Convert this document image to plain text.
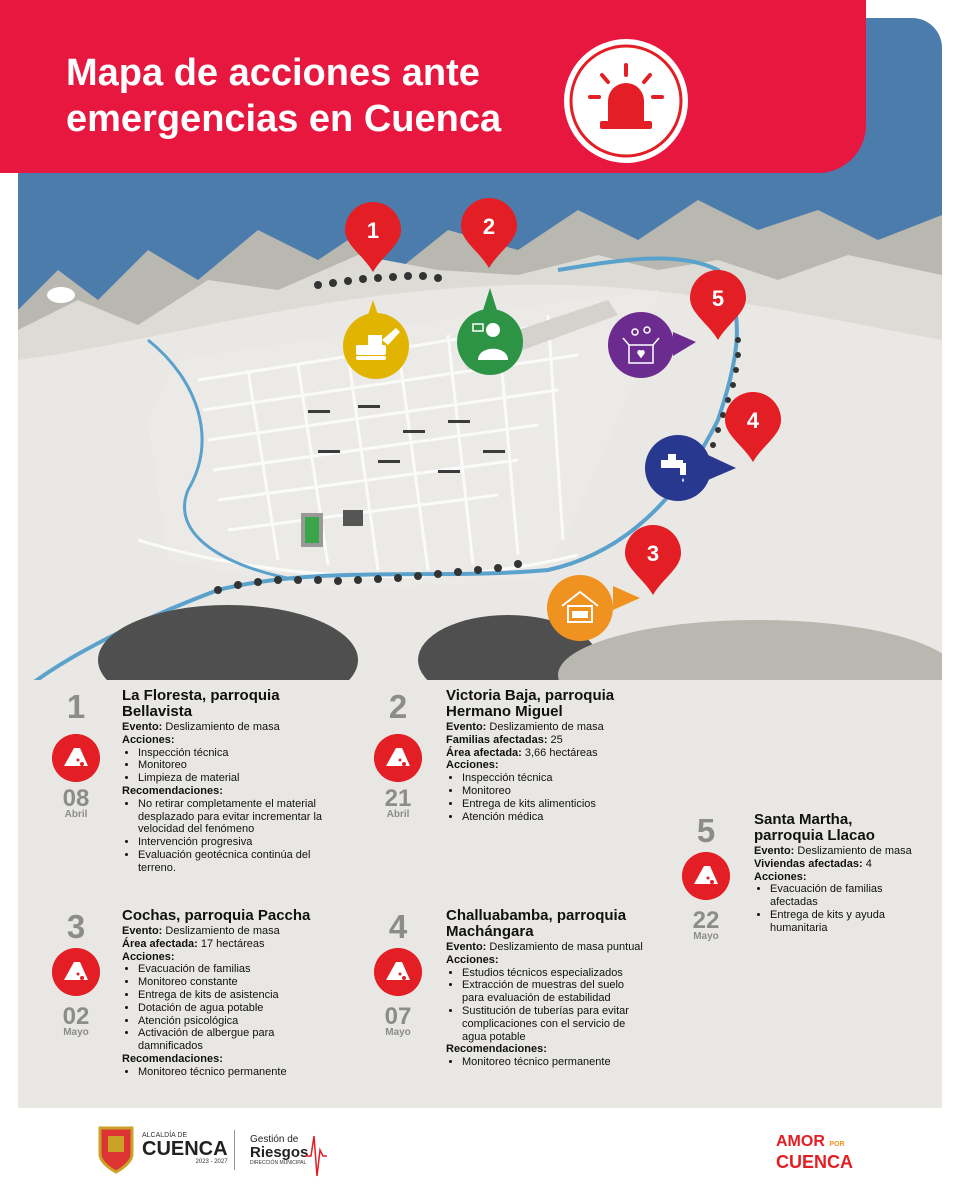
1	2
5
4
3
Mapa de acciones ante
emergencias en Cuenca
1
08
Abril
La Floresta, parroquia Bellavista
Evento: Deslizamiento de masa
Acciones:
• Inspección técnica
• Monitoreo
• Limpieza de material
Recomendaciones:
• No retirar completamente el material desplazado para evitar incrementar la velocidad del fenómeno
• Intervención progresiva
• Evaluación geotécnica continúa del terreno.
2
21
Abril
Victoria Baja, parroquia Hermano Miguel
Evento: Deslizamiento de masa
Familias afectadas: 25
Área afectada: 3,66 hectáreas
Acciones:
• Inspección técnica
• Monitoreo
• Entrega de kits alimenticios
• Atención médica
3
02
Mayo
Cochas, parroquia Paccha
Evento: Deslizamiento de masa
Área afectada: 17 hectáreas
Acciones:
• Evacuación de familias
• Monitoreo constante
• Entrega de kits de asistencia
• Dotación de agua potable
• Atención psicológica
• Activación de albergue para damnificados
Recomendaciones:
• Monitoreo técnico permanente
4
07
Mayo
Challuabamba, parroquia Machángara
Evento: Deslizamiento de masa puntual
Acciones:
• Estudios técnicos especializados
• Extracción de muestras del suelo para evaluación de estabilidad
• Sustitución de tuberías para evitar complicaciones con el servicio de agua potable
Recomendaciones:
• Monitoreo técnico permanente
5
22
Mayo
Santa Martha, parroquia Llacao
Evento: Deslizamiento de masa
Viviendas afectadas: 4
Acciones:
• Evacuación de familias afectadas
• Entrega de kits y ayuda humanitaria
ALCALDÍA DE
CUENCA
2023 - 2027
Gestión de
Riesgos
DIRECCIÓN MUNICIPAL
AMOR POR
CUENCA
